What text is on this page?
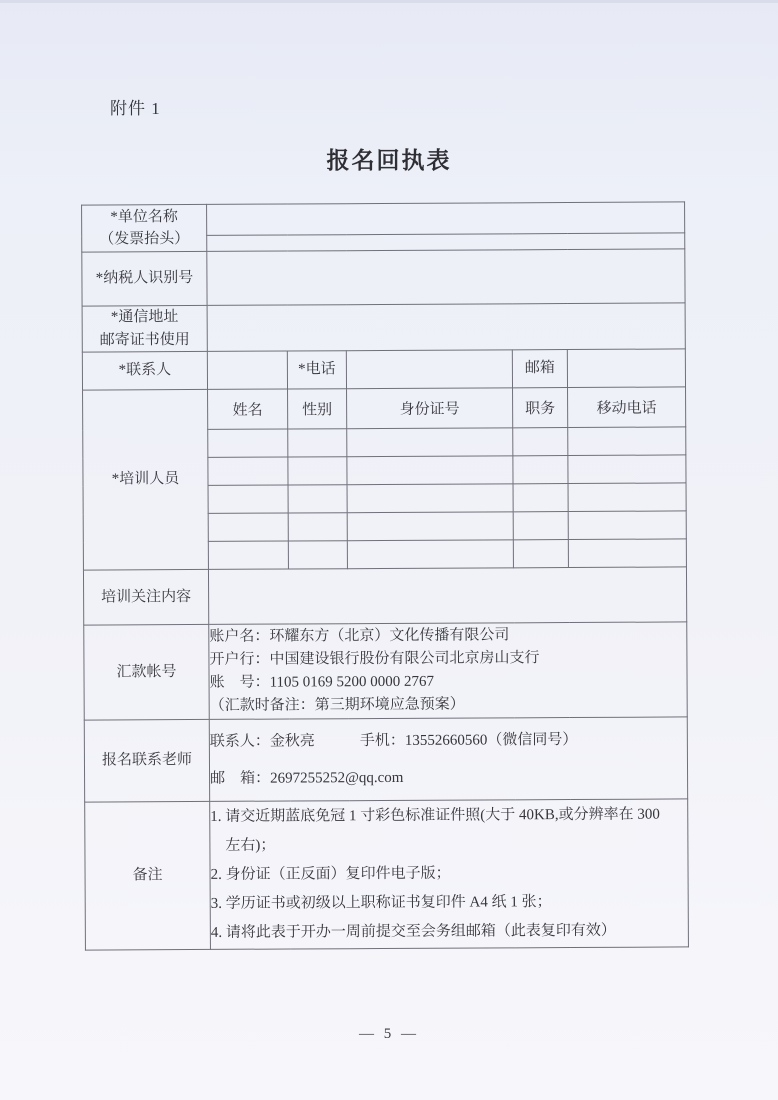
附件 1
报名回执表
*单位名称
（发票抬头）					

*纳税人识别号					
*通信地址
邮寄证书使用					
*联系人		*电话		邮箱	
*培训人员	姓名	性别	身份证号	职务	移动电话

培训关注内容					
汇款帐号	账户名：环耀东方（北京）文化传播有限公司
开户行：中国建设银行股份有限公司北京房山支行
账　号：1105 0169 5200 0000 2767
（汇款时备注：第三期环境应急预案）				

报名联系老师	联系人：金秋亮　　　手机：13552660560（微信同号）
邮　箱：2697255252@qq.com				

备注	1. 请交近期蓝底免冠 1 寸彩色标准证件照(大于 40KB,或分辨率在 300
　左右)；
2. 身份证（正反面）复印件电子版；
3. 学历证书或初级以上职称证书复印件 A4 纸 1 张；
4. 请将此表于开办一周前提交至会务组邮箱（此表复印有效）				
— 5 —
